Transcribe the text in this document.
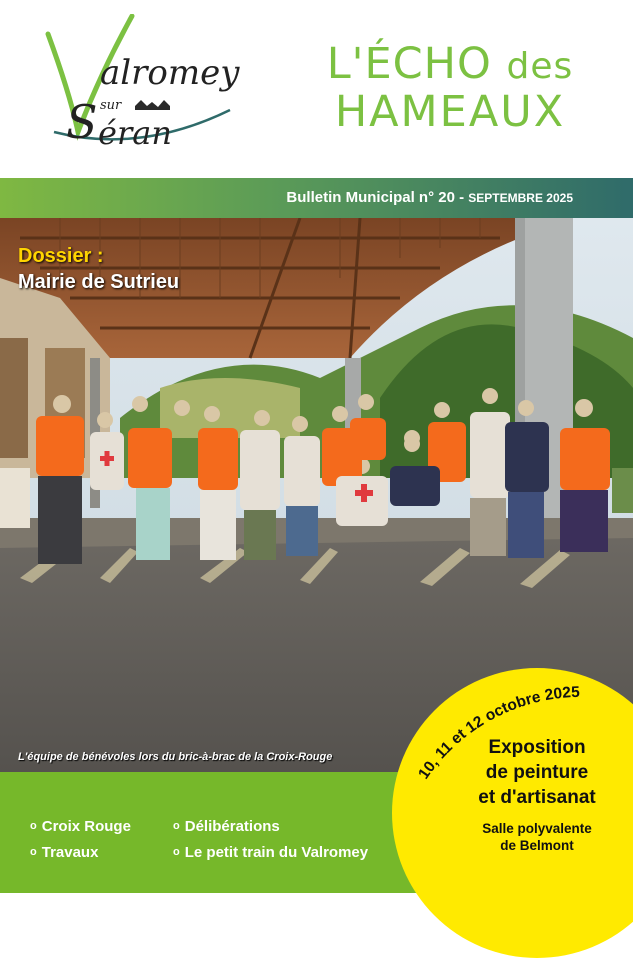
alromey
sur
S éran
L'ÉCHO des
HAMEAUX
Bulletin Municipal n° 20 - SEPTEMBRE 2025
Dossier :
Mairie de Sutrieu
L'équipe de bénévoles lors du bric-à-brac de la Croix-Rouge
o Croix Rouge
o Travaux
o Délibérations
o Le petit train du Valromey
10, 11 et 12 octobre 2025
Exposition
de peinture
et d'artisanat
Salle polyvalente
de Belmont
